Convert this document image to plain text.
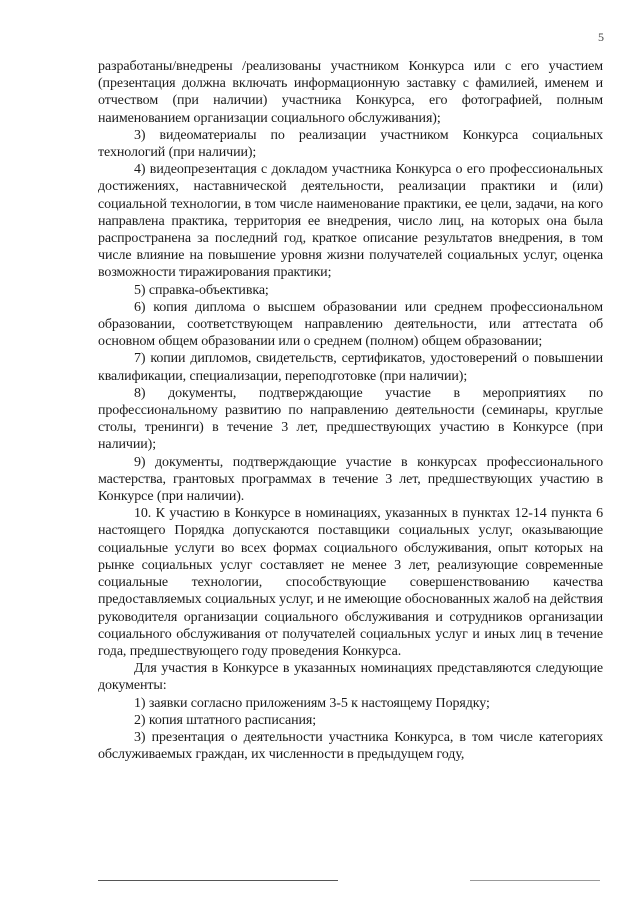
5

разработаны/внедрены /реализованы участником Конкурса или с его участием (презентация должна включать информационную заставку с фамилией, именем и отчеством (при наличии) участника Конкурса, его фотографией, полным наименованием организации социального обслуживания);

3) видеоматериалы по реализации участником Конкурса социальных технологий (при наличии);

4) видеопрезентация с докладом участника Конкурса о его профессиональных достижениях, наставнической деятельности, реализации практики и (или) социальной технологии, в том числе наименование практики, ее цели, задачи, на кого направлена практика, территория ее внедрения, число лиц, на которых она была распространена за последний год, краткое описание результатов внедрения, в том числе влияние на повышение уровня жизни получателей социальных услуг, оценка возможности тиражирования практики;

5) справка-объективка;

6) копия диплома о высшем образовании или среднем профессиональном образовании, соответствующем направлению деятельности, или аттестата об основном общем образовании или о среднем (полном) общем образовании;

7) копии дипломов, свидетельств, сертификатов, удостоверений о повышении квалификации, специализации, переподготовке (при наличии);

8) документы, подтверждающие участие в мероприятиях по профессиональному развитию по направлению деятельности (семинары, круглые столы, тренинги) в течение 3 лет, предшествующих участию в Конкурсе (при наличии);

9) документы, подтверждающие участие в конкурсах профессионального мастерства, грантовых программах в течение 3 лет, предшествующих участию в Конкурсе (при наличии).

10. К участию в Конкурсе в номинациях, указанных в пунктах 12-14 пункта 6 настоящего Порядка допускаются поставщики социальных услуг, оказывающие социальные услуги во всех формах социального обслуживания, опыт которых на рынке социальных услуг составляет не менее 3 лет, реализующие современные социальные технологии, способствующие совершенствованию качества предоставляемых социальных услуг, и не имеющие обоснованных жалоб на действия руководителя организации социального обслуживания и сотрудников организации социального обслуживания от получателей социальных услуг и иных лиц в течение года, предшествующего году проведения Конкурса.

Для участия в Конкурсе в указанных номинациях представляются следующие документы:

1) заявки согласно приложениям 3-5 к настоящему Порядку;

2) копия штатного расписания;

3) презентация о деятельности участника Конкурса, в том числе категориях обслуживаемых граждан, их численности в предыдущем году,
